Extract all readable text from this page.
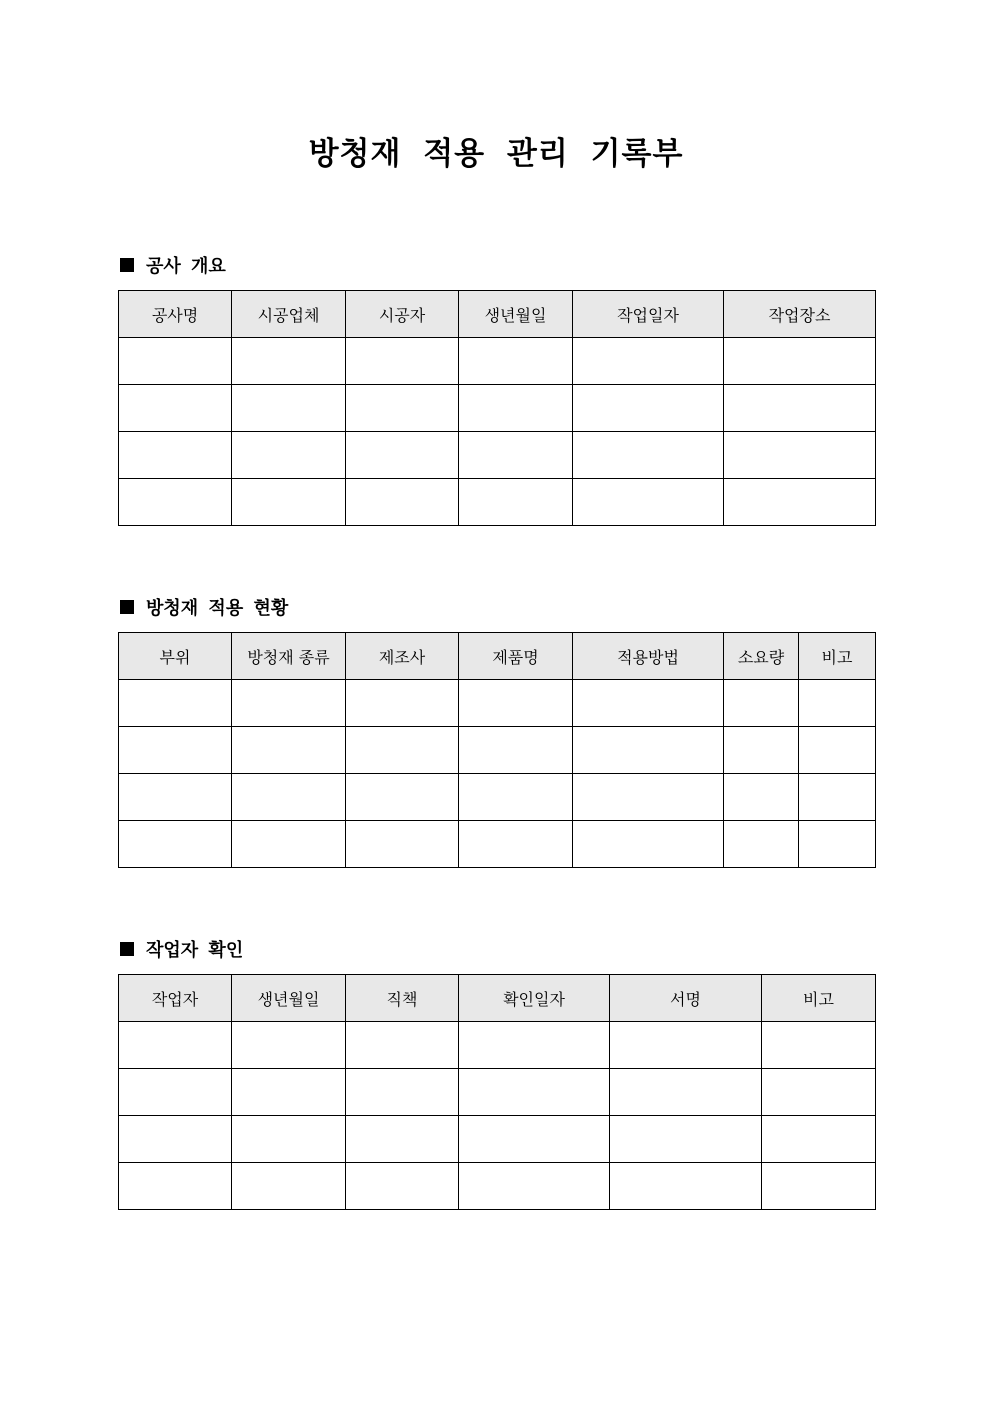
방청재 적용 관리 기록부
공사 개요
공사명	시공업체	시공자	생년월일	작업일자	작업장소

방청재 적용 현황
부위	방청재 종류	제조사	제품명	적용방법	소요량	비고

작업자 확인
작업자	생년월일	직책	확인일자	서명	비고
